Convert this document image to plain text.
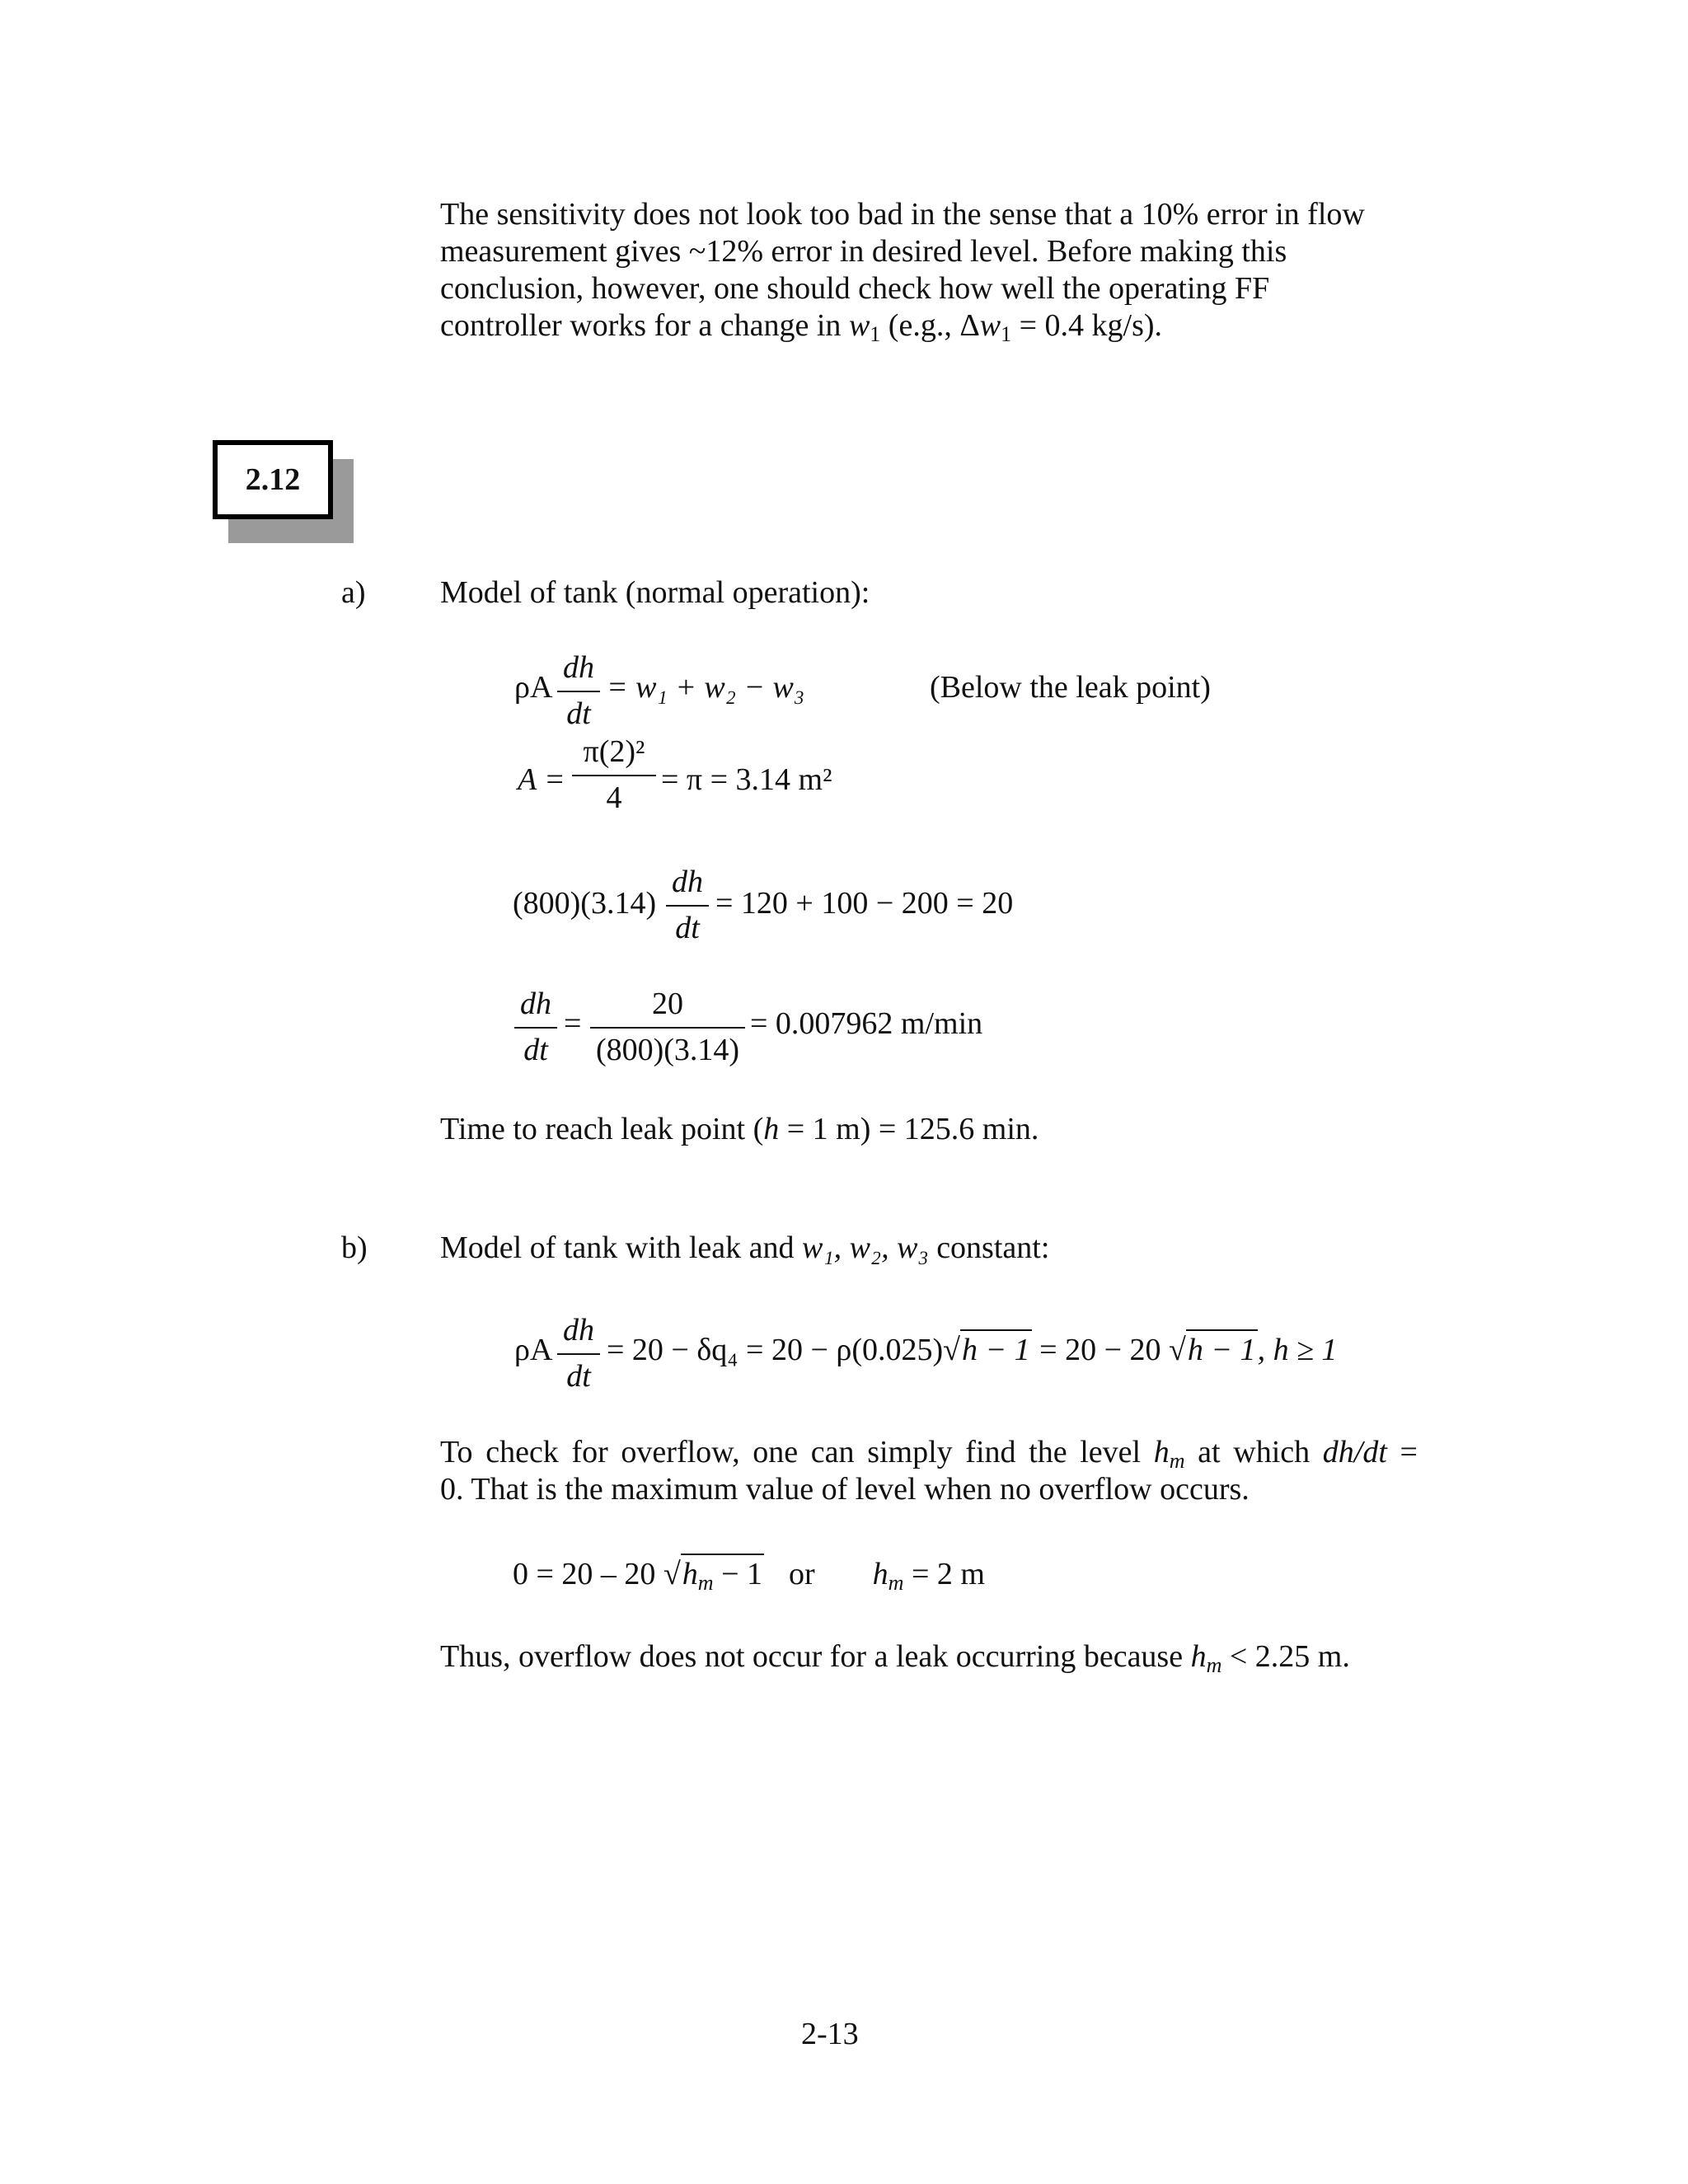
The sensitivity does not look too bad in the sense that a 10% error in flow
measurement gives ~12% error in desired level. Before making this
conclusion, however, one should check how well the operating FF
controller works for a change in $w_1$ (e.g., $\Delta w_1 = 0.4$ kg/s).
2.12
a) Model of tank (normal operation):
ρA $\frac{dh}{dt} = w_1 + w_2 - w_3$	(Below the leak point)
$A = \frac{\text{π(2)²}}{4} = \pi = 3.14$ m²
$(800)(3.14) \frac{dh}{dt} = 120 + 100 - 200 = 20$
$\frac{dh}{dt} = \frac{20}{(800)(3.14)} = 0.007962$ m/min
Time to reach leak point (h = 1 m) = 125.6 min.
b) Model of tank with leak and w₁, w₂, w₃ constant:
ρA $\frac{dh}{dt} = 20 - \delta q_4 = 20 - \rho(0.025)√h - 1 = 20 - 20$ √h − 1, h ≥ 1
To check for overflow, one can simply find the level $h_m$ at which dh/dt =
0. That is the maximum value of level when no overflow occurs.
0 = 20 – 20 $√h_m - 1$ or $h_m = 2$ m
Thus, overflow does not occur for a leak occurring because $h_m < 2.25$ m.
2-13
